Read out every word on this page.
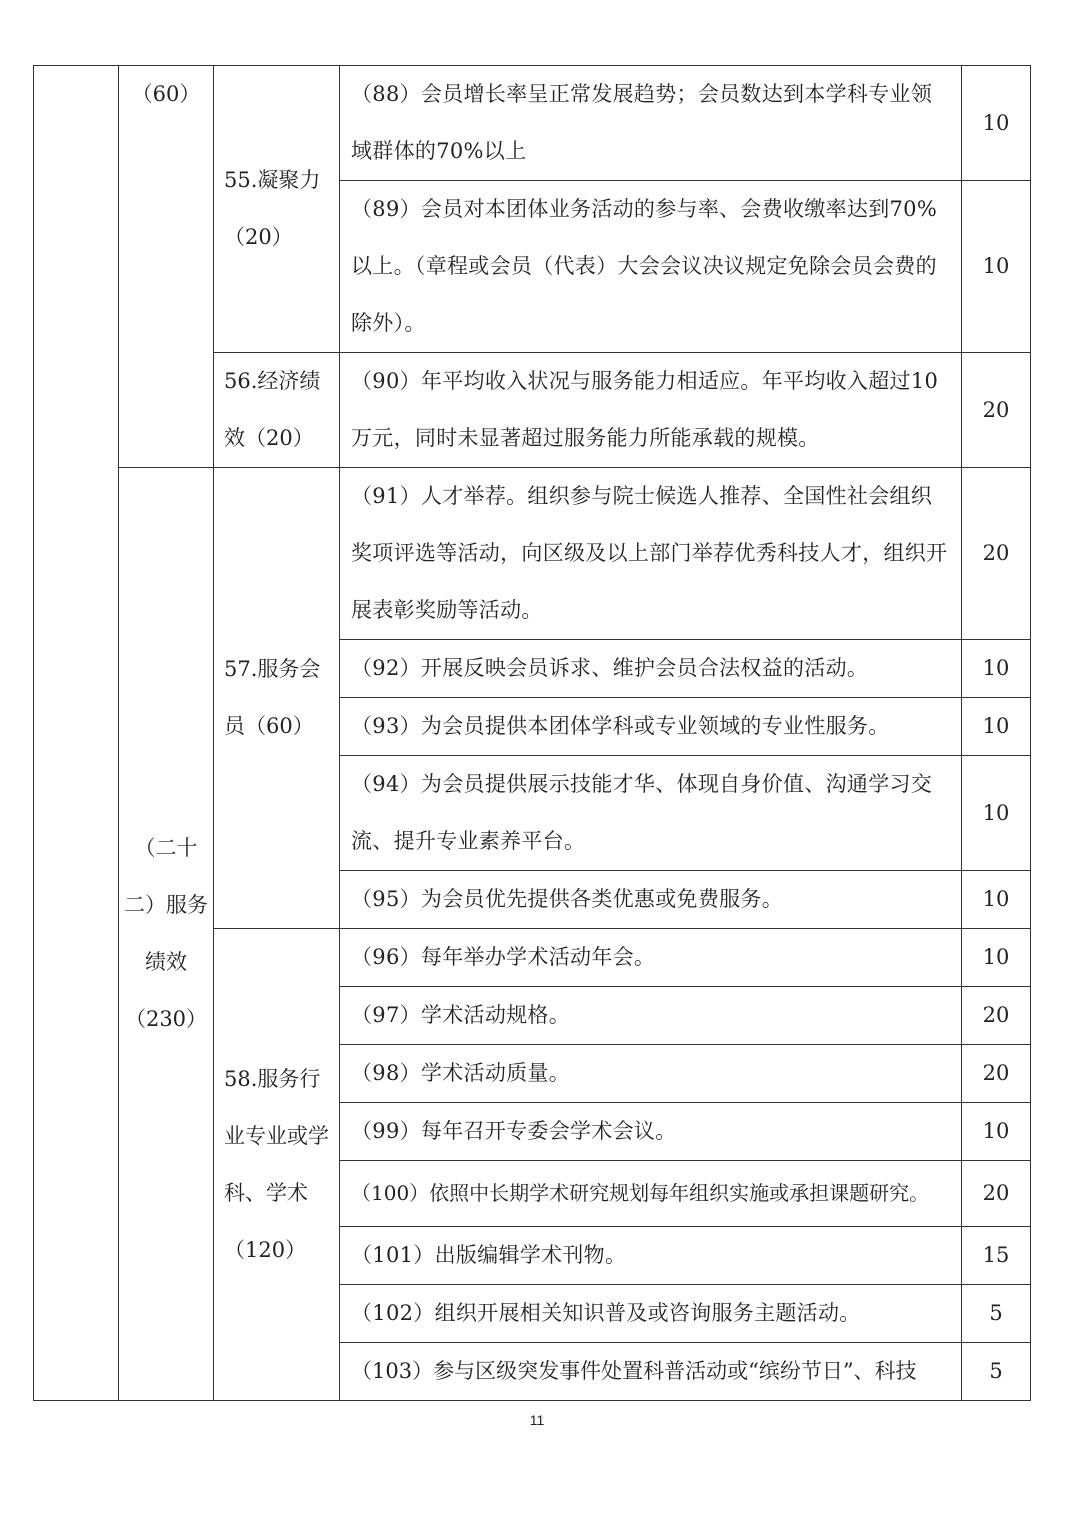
	（60）	55.凝聚力（20）	（88）会员增长率呈正常发展趋势；会员数达到本学科专业领域群体的70%以上	10
			（89）会员对本团体业务活动的参与率、会费收缴率达到70%以上。（章程或会员（代表）大会会议决议规定免除会员会费的除外）。	10
		56.经济绩效（20）	（90）年平均收入状况与服务能力相适应。年平均收入超过10万元，同时未显著超过服务能力所能承载的规模。	20
	（二十二）服务绩效（230）	57.服务会员（60）	（91）人才举荐。组织参与院士候选人推荐、全国性社会组织奖项评选等活动，向区级及以上部门举荐优秀科技人才，组织开展表彰奖励等活动。	20
			（92）开展反映会员诉求、维护会员合法权益的活动。	10
			（93）为会员提供本团体学科或专业领域的专业性服务。	10
			（94）为会员提供展示技能才华、体现自身价值、沟通学习交流、提升专业素养平台。	10
			（95）为会员优先提供各类优惠或免费服务。	10
		58.服务行业专业或学科、学术（120）	（96）每年举办学术活动年会。	10
			（97）学术活动规格。	20
			（98）学术活动质量。	20
			（99）每年召开专委会学术会议。	10
			（100）依照中长期学术研究规划每年组织实施或承担课题研究。	20
			（101）出版编辑学术刊物。	15
			（102）组织开展相关知识普及或咨询服务主题活动。	5
			（103）参与区级突发事件处置科普活动或“缤纷节日”、科技	5
11
